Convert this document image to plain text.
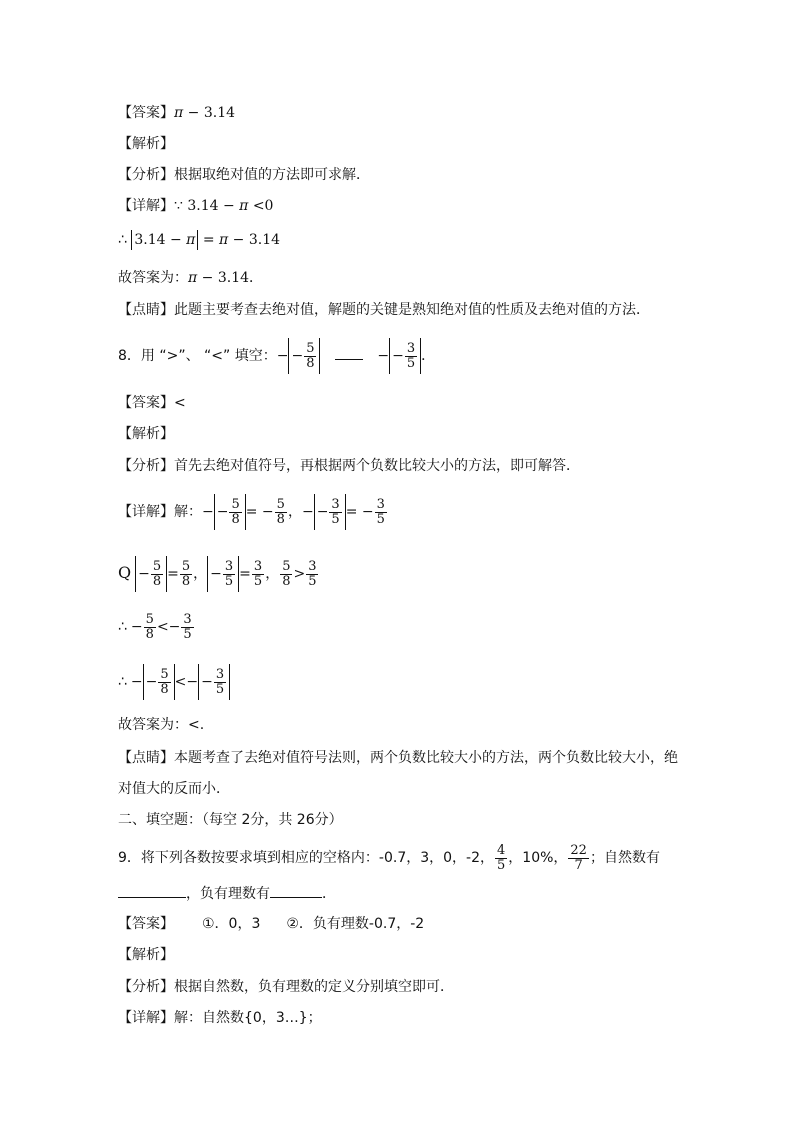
【答案】π − 3.14
【解析】
【分析】根据取绝对值的方法即可求解．
【详解】∵ 3.14 − π <0
∴ 3.14 − π = π − 3.14
故答案为：π − 3.14．
【点睛】此题主要考查去绝对值，解题的关键是熟知绝对值的性质及去绝对值的方法．
8．用 “>”、 “<” 填空：− − $\frac{5}{8}$	− − $\frac{3}{5}$ ．
【答案】<
【解析】
【分析】首先去绝对值符号，再根据两个负数比较大小的方法，即可解答．
【详解】解：− − $\frac{5}{8}$ = − $\frac{5}{8}$ ，− − $\frac{3}{5}$ = − $\frac{3}{5}$
$Q - \frac{5}{8} = \frac{5}{8}$ ， − $\frac{3}{5} = \frac{3}{5}$ ， $\frac{5}{8} > \frac{3}{5}$
∴ − $\frac{5}{8} <- \frac{3}{5}$
∴ − − $\frac{5}{8}$ <− − $\frac{3}{5}$
故答案为：<.
【点睛】本题考查了去绝对值符号法则，两个负数比较大小的方法，两个负数比较大小，绝
对值大的反而小．
二、填空题：（每空 2分，共 26分）
9．将下列各数按要求填到相应的空格内：-0.7，3，0，-2， $\frac{4}{5}$ ，10%， $\frac{22}{7}$ ；自然数有
，负有理数有	．
【答案】 ①．0，3 ②．负有理数-0.7，-2
【解析】
【分析】根据自然数，负有理数的定义分别填空即可．
【详解】解：自然数{0，3…}；
